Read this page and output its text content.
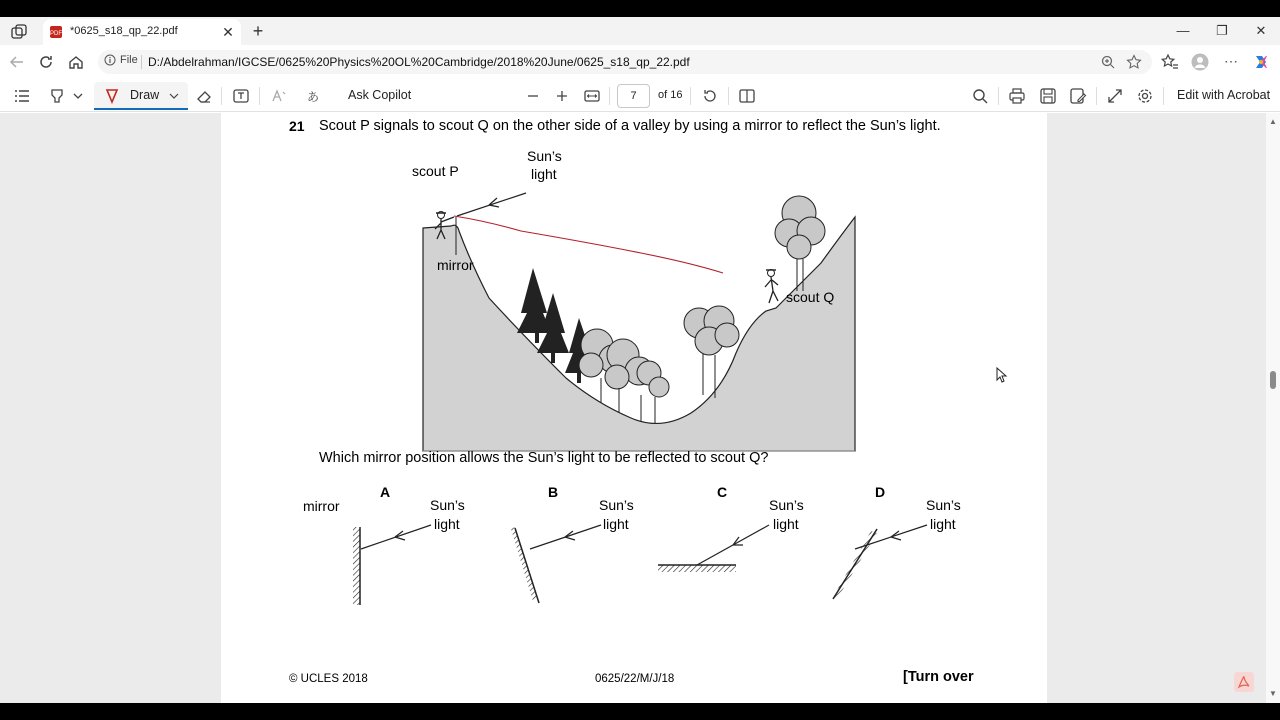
PDF *0625_s18_qp_22.pdf	✕ +	—	❐	✕
File D:/Abdelrahman/IGCSE/0625%20Physics%20OL%20Cambridge/2018%20June/0625_s18_qp_22.pdf	⋯
Draw	あ Ask Copilot	7	of 16	Edit with Acrobat
21 Scout P signals to scout Q on the other side of a valley by using a mirror to reflect the Sun’s light.
scout P
Sun’s
light
mirror
scout Q
Which mirror position allows the Sun’s light to be reflected to scout Q?
A
mirror	Sun’s
light
B
Sun’s
light
C
Sun’s
light
D
Sun’s
light
© UCLES 2018	0625/22/M/J/18	[Turn over
▲
▼
